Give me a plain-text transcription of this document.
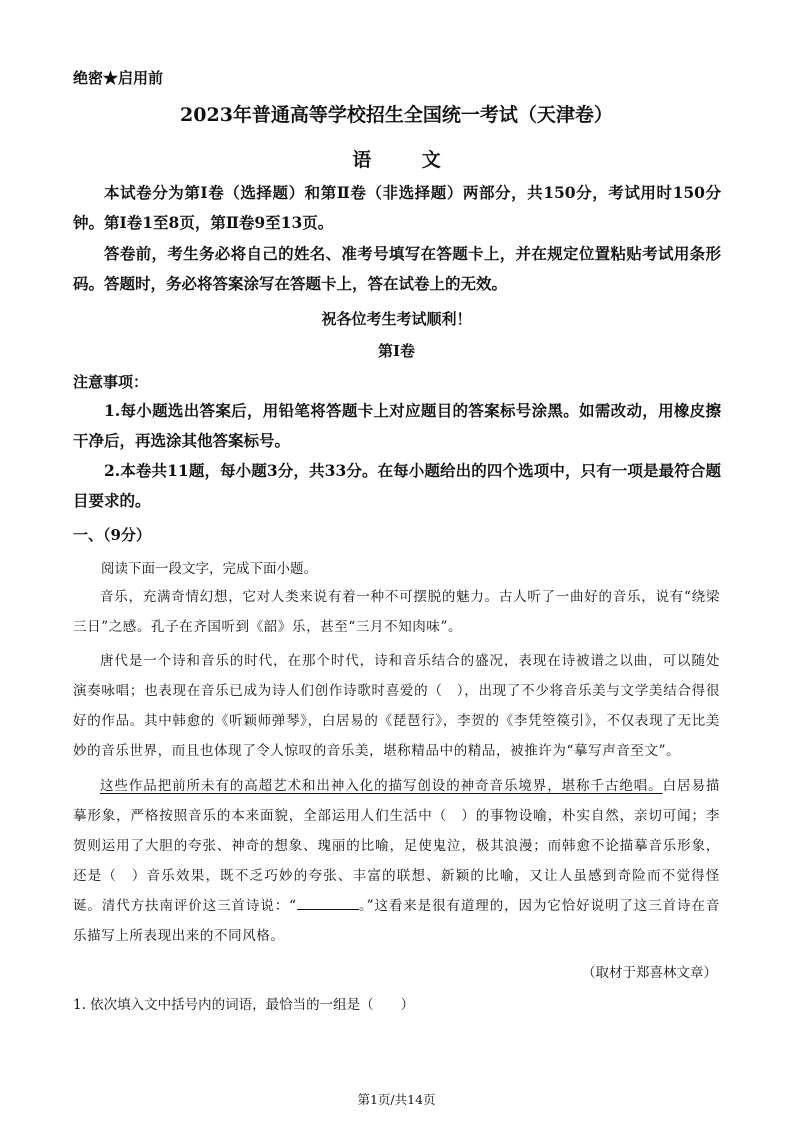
绝密★启用前
2023年普通高等学校招生全国统一考试（天津卷）
语 文

本试卷分为第Ⅰ卷（选择题）和第Ⅱ卷（非选择题）两部分，共150分，考试用时150分钟。第Ⅰ卷1至8页，第Ⅱ卷9至13页。

答卷前，考生务必将自己的姓名、准考号填写在答题卡上，并在规定位置粘贴考试用条形码。答题时，务必将答案涂写在答题卡上，答在试卷上的无效。

祝各位考生考试顺利！
第Ⅰ卷
注意事项：

1.每小题选出答案后，用铅笔将答题卡上对应题目的答案标号涂黑。如需改动，用橡皮擦干净后，再选涂其他答案标号。

2.本卷共11题，每小题3分，共33分。在每小题给出的四个选项中，只有一项是最符合题目要求的。

一、（9分）
阅读下面一段文字，完成下面小题。

音乐，充满奇情幻想，它对人类来说有着一种不可摆脱的魅力。古人听了一曲好的音乐，说有“绕梁三日”之感。孔子在齐国听到《韶》乐，甚至“三月不知肉味”。

唐代是一个诗和音乐的时代，在那个时代，诗和音乐结合的盛况，表现在诗被谱之以曲，可以随处演奏咏唱；也表现在音乐已成为诗人们创作诗歌时喜爱的（　），出现了不少将音乐美与文学美结合得很好的作品。其中韩愈的《听颖师弹琴》，白居易的《琵琶行》，李贺的《李凭箜篌引》，不仅表现了无比美妙的音乐世界，而且也体现了令人惊叹的音乐美，堪称精品中的精品，被推许为“摹写声音至文”。

这些作品把前所未有的高超艺术和出神入化的描写创设的神奇音乐境界，堪称千古绝唱。白居易描摹形象，严格按照音乐的本来面貌，全部运用人们生活中（　）的事物设喻，朴实自然，亲切可闻；李贺则运用了大胆的夸张、神奇的想象、瑰丽的比喻，足使鬼泣，极其浪漫；而韩愈不论描摹音乐形象，还是（　）音乐效果，既不乏巧妙的夸张、丰富的联想、新颖的比喻，又让人虽感到奇险而不觉得怪诞。清代方扶南评价这三首诗说：“	。”这看来是很有道理的，因为它恰好说明了这三首诗在音乐描写上所表现出来的不同风格。

（取材于郑喜林文章）
1. 依次填入文中括号内的词语，最恰当的一组是（　　）
第1页/共14页
